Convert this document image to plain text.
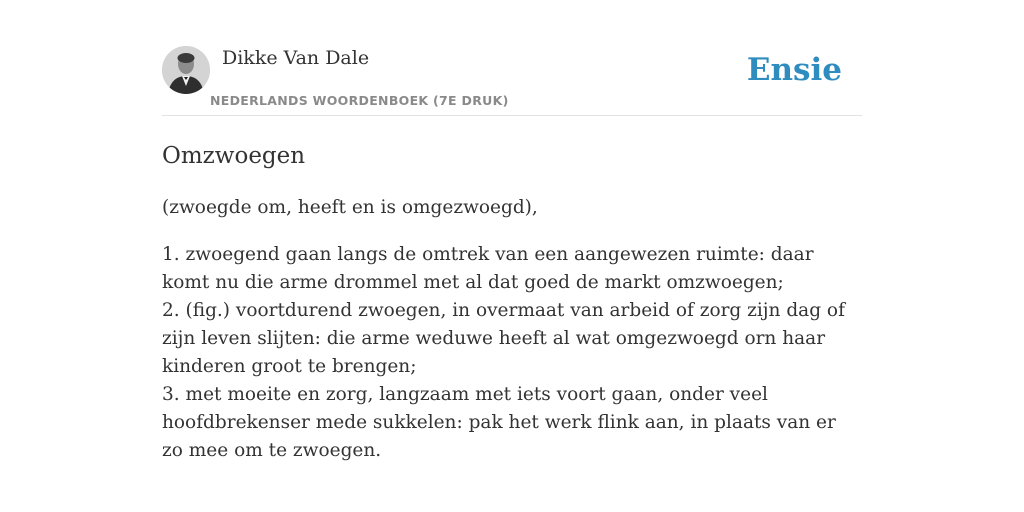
Dikke Van Dale
NEDERLANDS WOORDENBOEK (7E DRUK)
Ensie
Omzwoegen

(zwoegde om, heeft en is omgezwoegd),

1. zwoegend gaan langs de omtrek van een aangewezen ruimte: daar komt nu die arme drommel met al dat goed de markt omzwoegen;
2. (fig.) voortdurend zwoegen, in overmaat van arbeid of zorg zijn dag of zijn leven slijten: die arme weduwe heeft al wat omgezwoegd orn haar kinderen groot te brengen;
3. met moeite en zorg, langzaam met iets voort gaan, onder veel hoofdbrekenser mede sukkelen: pak het werk flink aan, in plaats van er zo mee om te zwoegen.
